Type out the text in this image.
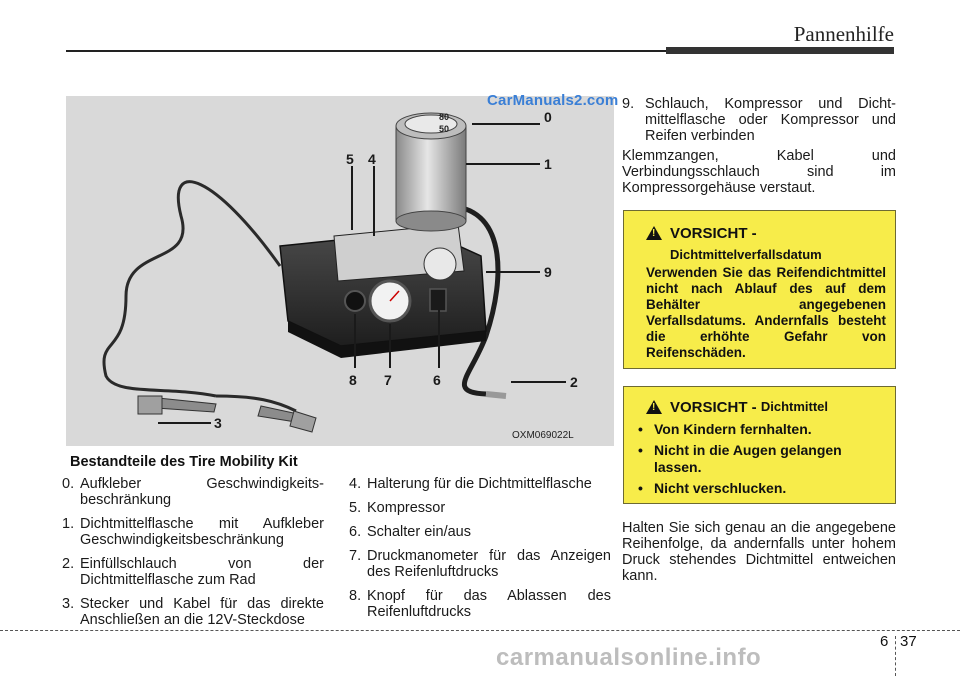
Pannenhilfe
80
50
0
1
2
3
4
5
6
7
8
9
OXM069022L
CarManuals2.com
Bestandteile des Tire Mobility Kit
0. Aufkleber Geschwindigkeits-beschränkung
1. Dichtmittelflasche mit Aufkleber Geschwindigkeitsbeschränkung
2. Einfüllschlauch von der Dichtmittelflasche zum Rad
3. Stecker und Kabel für das direkte Anschließen an die 12V-Steckdose
4. Halterung für die Dichtmittelflasche
5. Kompressor
6. Schalter ein/aus
7. Druckmanometer für das Anzeigen des Reifenluftdrucks
8. Knopf für das Ablassen des Reifenluftdrucks
9. Schlauch, Kompressor und Dicht-mittelflasche oder Kompressor und Reifen verbinden
Klemmzangen, Kabel und Verbindungsschlauch sind im Kompressorgehäuse verstaut.
!
VORSICHT -
Dichtmittelverfallsdatum
Verwenden Sie das Reifendichtmittel nicht nach Ablauf des auf dem Behälter angegebenen Verfallsdatums. Andernfalls besteht die erhöhte Gefahr von Reifenschäden.
!
VORSICHT -
Dichtmittel
• Von Kindern fernhalten.
• Nicht in die Augen gelangen lassen.
• Nicht verschlucken.
Halten Sie sich genau an die angegebene Reihenfolge, da andernfalls unter hohem Druck stehendes Dichtmittel entweichen kann.
6 37
carmanualsonline.info
